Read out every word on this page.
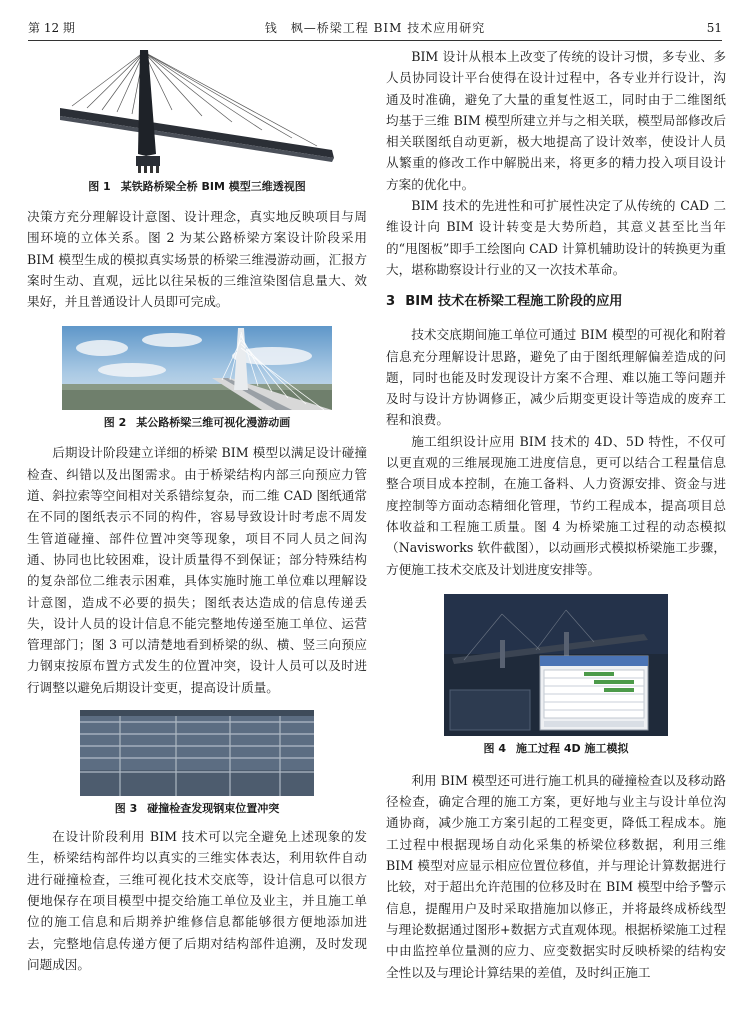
第 12 期	钱　枫—桥梁工程 BIM 技术应用研究	51
图 1 某铁路桥梁全桥 BIM 模型三维透视图

决策方充分理解设计意图、设计理念，真实地反映项目与周围环境的立体关系。图 2 为某公路桥梁方案设计阶段采用 BIM 模型生成的模拟真实场景的桥梁三维漫游动画，汇报方案时生动、直观，远比以往呆板的三维渲染图信息量大、效果好，并且普通设计人员即可完成。

图 2 某公路桥梁三维可视化漫游动画

后期设计阶段建立详细的桥梁 BIM 模型以满足设计碰撞检查、纠错以及出图需求。由于桥梁结构内部三向预应力管道、斜拉索等空间相对关系错综复杂，而二维 CAD 图纸通常在不同的图纸表示不同的构件，容易导致设计时考虑不周发生管道碰撞、部件位置冲突等现象，项目不同人员之间沟通、协同也比较困难，设计质量得不到保证；部分特殊结构的复杂部位二维表示困难，具体实施时施工单位难以理解设计意图，造成不必要的损失；图纸表达造成的信息传递丢失，设计人员的设计信息不能完整地传递至施工单位、运营管理部门；图 3 可以清楚地看到桥梁的纵、横、竖三向预应力钢束按原布置方式发生的位置冲突，设计人员可以及时进行调整以避免后期设计变更，提高设计质量。

图 3 碰撞检查发现钢束位置冲突

在设计阶段利用 BIM 技术可以完全避免上述现象的发生，桥梁结构部件均以真实的三维实体表达，利用软件自动进行碰撞检查，三维可视化技术交底等，设计信息可以很方便地保存在项目模型中提交给施工单位及业主，并且施工单位的施工信息和后期养护维修信息都能够很方便地添加进去，完整地信息传递方便了后期对结构部件追溯，及时发现问题成因。

BIM 设计从根本上改变了传统的设计习惯，多专业、多人员协同设计平台使得在设计过程中，各专业并行设计，沟通及时准确，避免了大量的重复性返工，同时由于二维图纸均基于三维 BIM 模型所建立并与之相关联，模型局部修改后相关联图纸自动更新，极大地提高了设计效率，使设计人员从繁重的修改工作中解脱出来，将更多的精力投入项目设计方案的优化中。

BIM 技术的先进性和可扩展性决定了从传统的 CAD 二维设计向 BIM 设计转变是大势所趋，其意义甚至比当年的“甩图板”即手工绘图向 CAD 计算机辅助设计的转换更为重大，堪称勘察设计行业的又一次技术革命。

3 BIM 技术在桥梁工程施工阶段的应用

技术交底期间施工单位可通过 BIM 模型的可视化和附着信息充分理解设计思路，避免了由于图纸理解偏差造成的问题，同时也能及时发现设计方案不合理、难以施工等问题并及时与设计方协调修正，减少后期变更设计等造成的废弃工程和浪费。

施工组织设计应用 BIM 技术的 4D、5D 特性，不仅可以更直观的三维展现施工进度信息，更可以结合工程量信息整合项目成本控制，在施工备料、人力资源安排、资金与进度控制等方面动态精细化管理，节约工程成本，提高项目总体收益和工程施工质量。图 4 为桥梁施工过程的动态模拟（Navisworks 软件截图），以动画形式模拟桥梁施工步骤，方便施工技术交底及计划进度安排等。

图 4 施工过程 4D 施工模拟

利用 BIM 模型还可进行施工机具的碰撞检查以及移动路径检查，确定合理的施工方案，更好地与业主与设计单位沟通协商，减少施工方案引起的工程变更，降低工程成本。施工过程中根据现场自动化采集的桥梁位移数据，利用三维 BIM 模型对应显示相应位置位移值，并与理论计算数据进行比较，对于超出允许范围的位移及时在 BIM 模型中给予警示信息，提醒用户及时采取措施加以修正，并将最终成桥线型与理论数据通过图形+数据方式直观体现。根据桥梁施工过程中由监控单位量测的应力、应变数据实时反映桥梁的结构安全性以及与理论计算结果的差值，及时纠正施工
